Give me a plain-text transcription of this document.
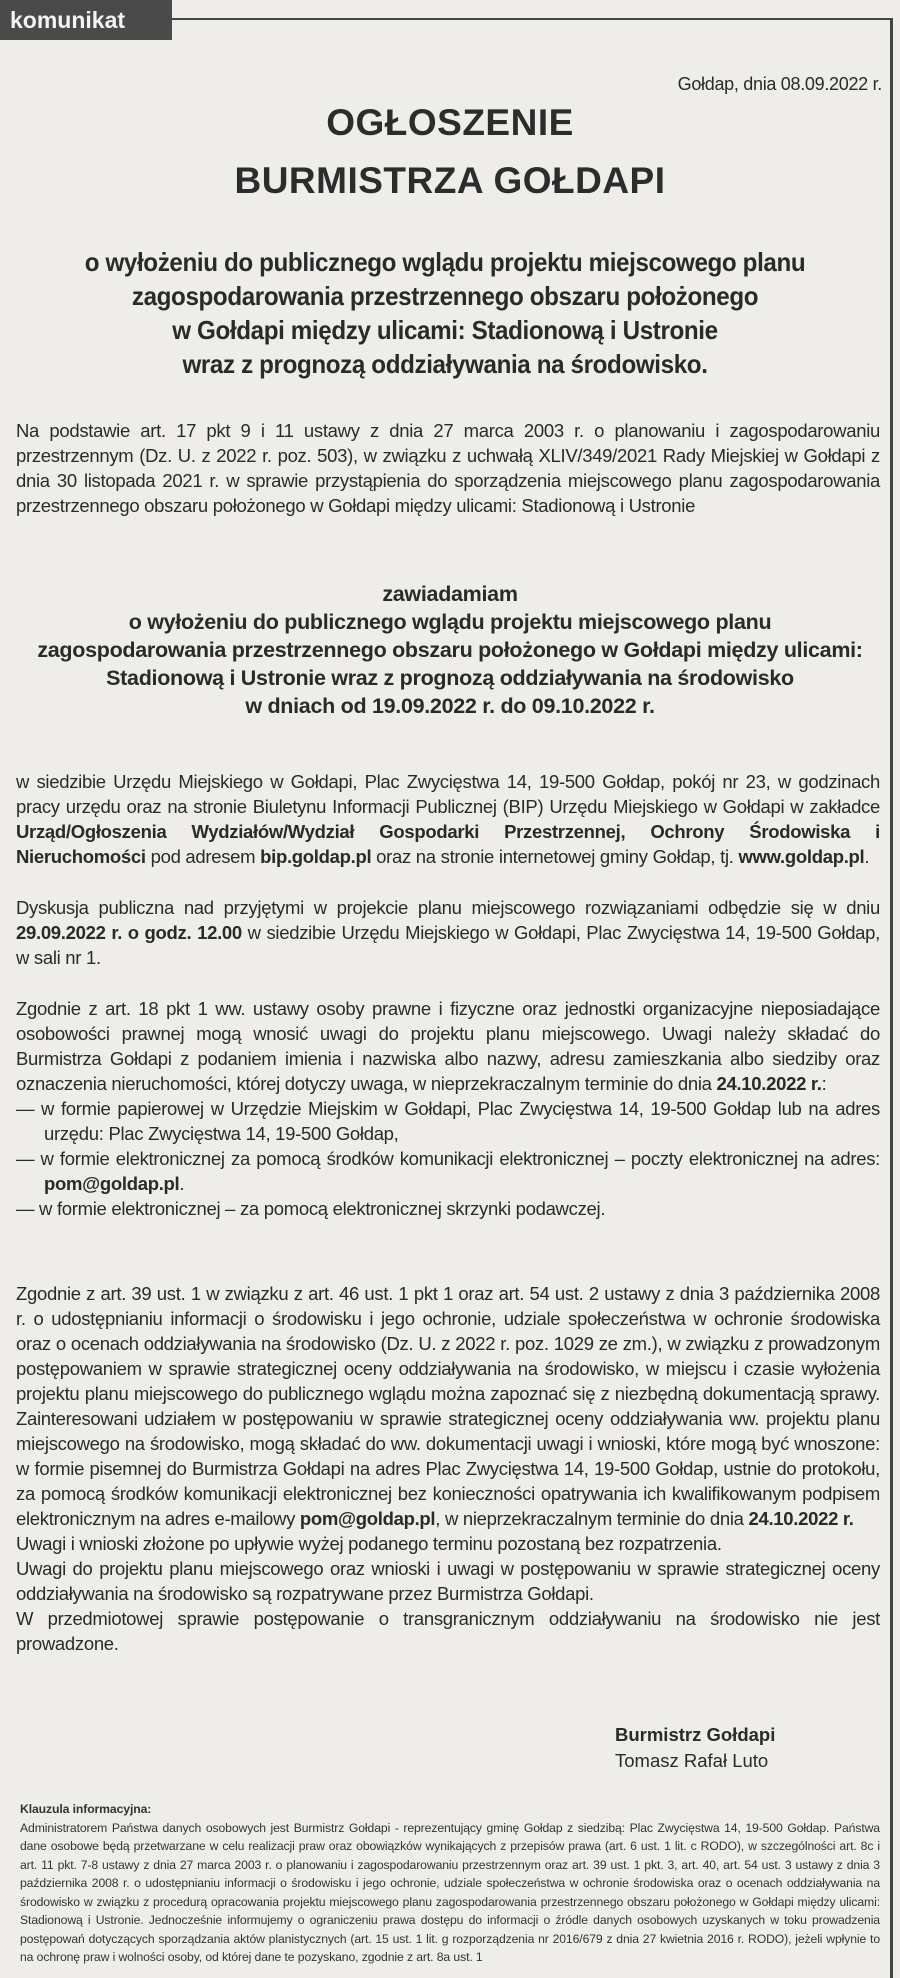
komunikat
Gołdap, dnia 08.09.2022 r.
OGŁOSZENIE
BURMISTRZA GOŁDAPI
o wyłożeniu do publicznego wglądu projektu miejscowego planu
zagospodarowania przestrzennego obszaru położonego
w Gołdapi między ulicami: Stadionową i Ustronie
wraz z prognozą oddziaływania na środowisko.

Na podstawie art. 17 pkt 9 i 11 ustawy z dnia 27 marca 2003 r. o planowaniu i zagospodarowaniu przestrzennym (Dz. U. z 2022 r. poz. 503), w związku z uchwałą XLIV/349/2021 Rady Miejskiej w Gołdapi z dnia 30 listopada 2021 r. w sprawie przystąpienia do sporządzenia miejscowego planu zagospodarowania przestrzennego obszaru położonego w Gołdapi między ulicami: Stadionową i Ustronie

zawiadamiam
o wyłożeniu do publicznego wglądu projektu miejscowego planu
zagospodarowania przestrzennego obszaru położonego w Gołdapi między ulicami:
Stadionową i Ustronie wraz z prognozą oddziaływania na środowisko
w dniach od 19.09.2022 r. do 09.10.2022 r.

w siedzibie Urzędu Miejskiego w Gołdapi, Plac Zwycięstwa 14, 19-500 Gołdap, pokój nr 23, w godzinach pracy urzędu oraz na stronie Biuletynu Informacji Publicznej (BIP) Urzędu Miejskiego w Gołdapi w zakładce Urząd/Ogłoszenia Wydziałów/Wydział Gospodarki Przestrzennej, Ochrony Środowiska i Nieruchomości pod adresem bip.goldap.pl oraz na stronie internetowej gminy Gołdap, tj. www.goldap.pl.

Dyskusja publiczna nad przyjętymi w projekcie planu miejscowego rozwiązaniami odbędzie się w dniu 29.09.2022 r. o godz. 12.00 w siedzibie Urzędu Miejskiego w Gołdapi, Plac Zwycięstwa 14, 19-500 Gołdap, w sali nr 1.

Zgodnie z art. 18 pkt 1 ww. ustawy osoby prawne i fizyczne oraz jednostki organizacyjne nieposiadające osobowości prawnej mogą wnosić uwagi do projektu planu miejscowego. Uwagi należy składać do Burmistrza Gołdapi z podaniem imienia i nazwiska albo nazwy, adresu zamieszkania albo siedziby oraz oznaczenia nieruchomości, której dotyczy uwaga, w nieprzekraczalnym terminie do dnia 24.10.2022 r.:
— w formie papierowej w Urzędzie Miejskim w Gołdapi, Plac Zwycięstwa 14, 19-500 Gołdap lub na adres urzędu: Plac Zwycięstwa 14, 19-500 Gołdap,
— w formie elektronicznej za pomocą środków komunikacji elektronicznej – poczty elektronicznej na adres: pom@goldap.pl.
— w formie elektronicznej – za pomocą elektronicznej skrzynki podawczej.

Zgodnie z art. 39 ust. 1 w związku z art. 46 ust. 1 pkt 1 oraz art. 54 ust. 2 ustawy z dnia 3 października 2008 r. o udostępnianiu informacji o środowisku i jego ochronie, udziale społeczeństwa w ochronie środowiska oraz o ocenach oddziaływania na środowisko (Dz. U. z 2022 r. poz. 1029 ze zm.), w związku z prowadzonym postępowaniem w sprawie strategicznej oceny oddziaływania na środowisko, w miejscu i czasie wyłożenia projektu planu miejscowego do publicznego wglądu można zapoznać się z niezbędną dokumentacją sprawy. Zainteresowani udziałem w postępowaniu w sprawie strategicznej oceny oddziaływania ww. projektu planu miejscowego na środowisko, mogą składać do ww. dokumentacji uwagi i wnioski, które mogą być wnoszone: w formie pisemnej do Burmistrza Gołdapi na adres Plac Zwycięstwa 14, 19-500 Gołdap, ustnie do protokołu, za pomocą środków komunikacji elektronicznej bez konieczności opatrywania ich kwalifikowanym podpisem elektronicznym na adres e-mailowy pom@goldap.pl, w nieprzekraczalnym terminie do dnia 24.10.2022 r.
Uwagi i wnioski złożone po upływie wyżej podanego terminu pozostaną bez rozpatrzenia.
Uwagi do projektu planu miejscowego oraz wnioski i uwagi w postępowaniu w sprawie strategicznej oceny oddziaływania na środowisko są rozpatrywane przez Burmistrza Gołdapi.
W przedmiotowej sprawie postępowanie o transgranicznym oddziaływaniu na środowisko nie jest prowadzone.

Burmistrz Gołdapi
Tomasz Rafał Luto
Klauzula informacyjna:
Administratorem Państwa danych osobowych jest Burmistrz Gołdapi - reprezentujący gminę Gołdap z siedzibą: Plac Zwycięstwa 14, 19-500 Gołdap. Państwa dane osobowe będą przetwarzane w celu realizacji praw oraz obowiązków wynikających z przepisów prawa (art. 6 ust. 1 lit. c RODO), w szczególności art. 8c i art. 11 pkt. 7-8 ustawy z dnia 27 marca 2003 r. o planowaniu i zagospodarowaniu przestrzennym oraz art. 39 ust. 1 pkt. 3, art. 40, art. 54 ust. 3 ustawy z dnia 3 października 2008 r. o udostępnianiu informacji o środowisku i jego ochronie, udziale społeczeństwa w ochronie środowiska oraz o ocenach oddziaływania na środowisko w związku z procedurą opracowania projektu miejscowego planu zagospodarowania przestrzennego obszaru położonego w Gołdapi między ulicami: Stadionową i Ustronie. Jednocześnie informujemy o ograniczeniu prawa dostępu do informacji o źródle danych osobowych uzyskanych w toku prowadzenia postępowań dotyczących sporządzania aktów planistycznych (art. 15 ust. 1 lit. g rozporządzenia nr 2016/679 z dnia 27 kwietnia 2016 r. RODO), jeżeli wpłynie to na ochronę praw i wolności osoby, od której dane te pozyskano, zgodnie z art. 8a ust. 1
